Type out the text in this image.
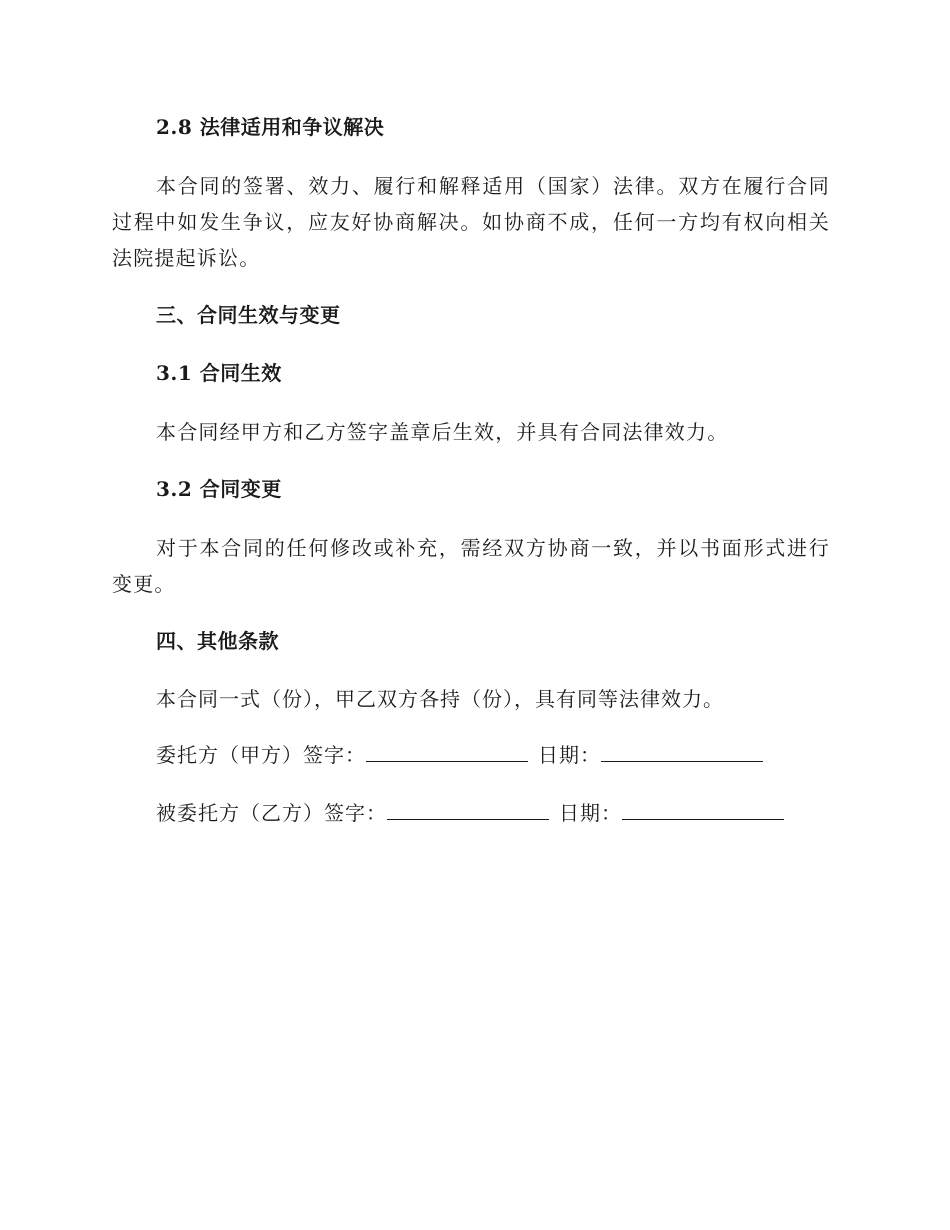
2.8 法律适用和争议解决

本合同的签署、效力、履行和解释适用（国家）法律。双方在履行合同过程中如发生争议，应友好协商解决。如协商不成，任何一方均有权向相关法院提起诉讼。

三、合同生效与变更
3.1 合同生效

本合同经甲方和乙方签字盖章后生效，并具有合同法律效力。

3.2 合同变更

对于本合同的任何修改或补充，需经双方协商一致，并以书面形式进行变更。

四、其他条款
本合同一式（份），甲乙双方各持（份），具有同等法律效力。
委托方（甲方）签字：	日期：
被委托方（乙方）签字：	日期：
